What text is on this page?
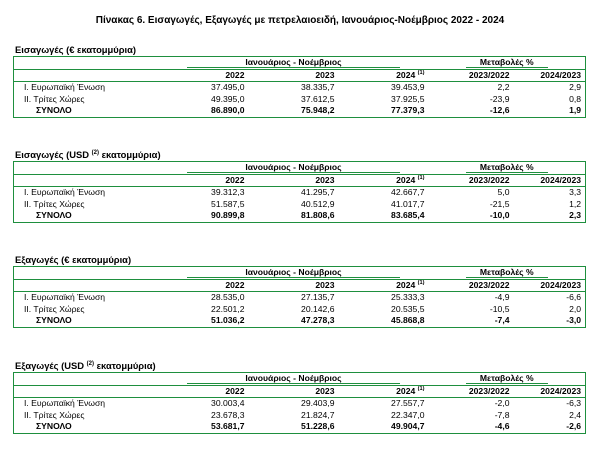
Πίνακας 6. Εισαγωγές, Εξαγωγές με πετρελαιοειδή, Ιανουάριος-Νοέμβριος 2022 - 2024
Εισαγωγές (€ εκατομμύρια)
	Ιανουάριος - Νοέμβριος			Μεταβολές %	
	2022	2023	2024 $^{(1)}$	2023/2022	2024/2023
Ι. Ευρωπαϊκή Ένωση	37.495,0	38.335,7	39.453,9	2,2	2,9
ΙΙ. Τρίτες Χώρες	49.395,0	37.612,5	37.925,5	-23,9	0,8
ΣΥΝΟΛΟ	86.890,0	75.948,2	77.379,3	-12,6	1,9
Εισαγωγές (USD $^{(2)}$ εκατομμύρια)
	Ιανουάριος - Νοέμβριος			Μεταβολές %	
	2022	2023	2024 $^{(1)}$	2023/2022	2024/2023
Ι. Ευρωπαϊκή Ένωση	39.312,3	41.295,7	42.667,7	5,0	3,3
ΙΙ. Τρίτες Χώρες	51.587,5	40.512,9	41.017,7	-21,5	1,2
ΣΥΝΟΛΟ	90.899,8	81.808,6	83.685,4	-10,0	2,3
Εξαγωγές (€ εκατομμύρια)
	Ιανουάριος - Νοέμβριος			Μεταβολές %	
	2022	2023	2024 $^{(1)}$	2023/2022	2024/2023
Ι. Ευρωπαϊκή Ένωση	28.535,0	27.135,7	25.333,3	-4,9	-6,6
ΙΙ. Τρίτες Χώρες	22.501,2	20.142,6	20.535,5	-10,5	2,0
ΣΥΝΟΛΟ	51.036,2	47.278,3	45.868,8	-7,4	-3,0
Εξαγωγές (USD $^{(2)}$ εκατομμύρια)
	Ιανουάριος - Νοέμβριος			Μεταβολές %	
	2022	2023	2024 $^{(1)}$	2023/2022	2024/2023
Ι. Ευρωπαϊκή Ένωση	30.003,4	29.403,9	27.557,7	-2,0	-6,3
ΙΙ. Τρίτες Χώρες	23.678,3	21.824,7	22.347,0	-7,8	2,4
ΣΥΝΟΛΟ	53.681,7	51.228,6	49.904,7	-4,6	-2,6
